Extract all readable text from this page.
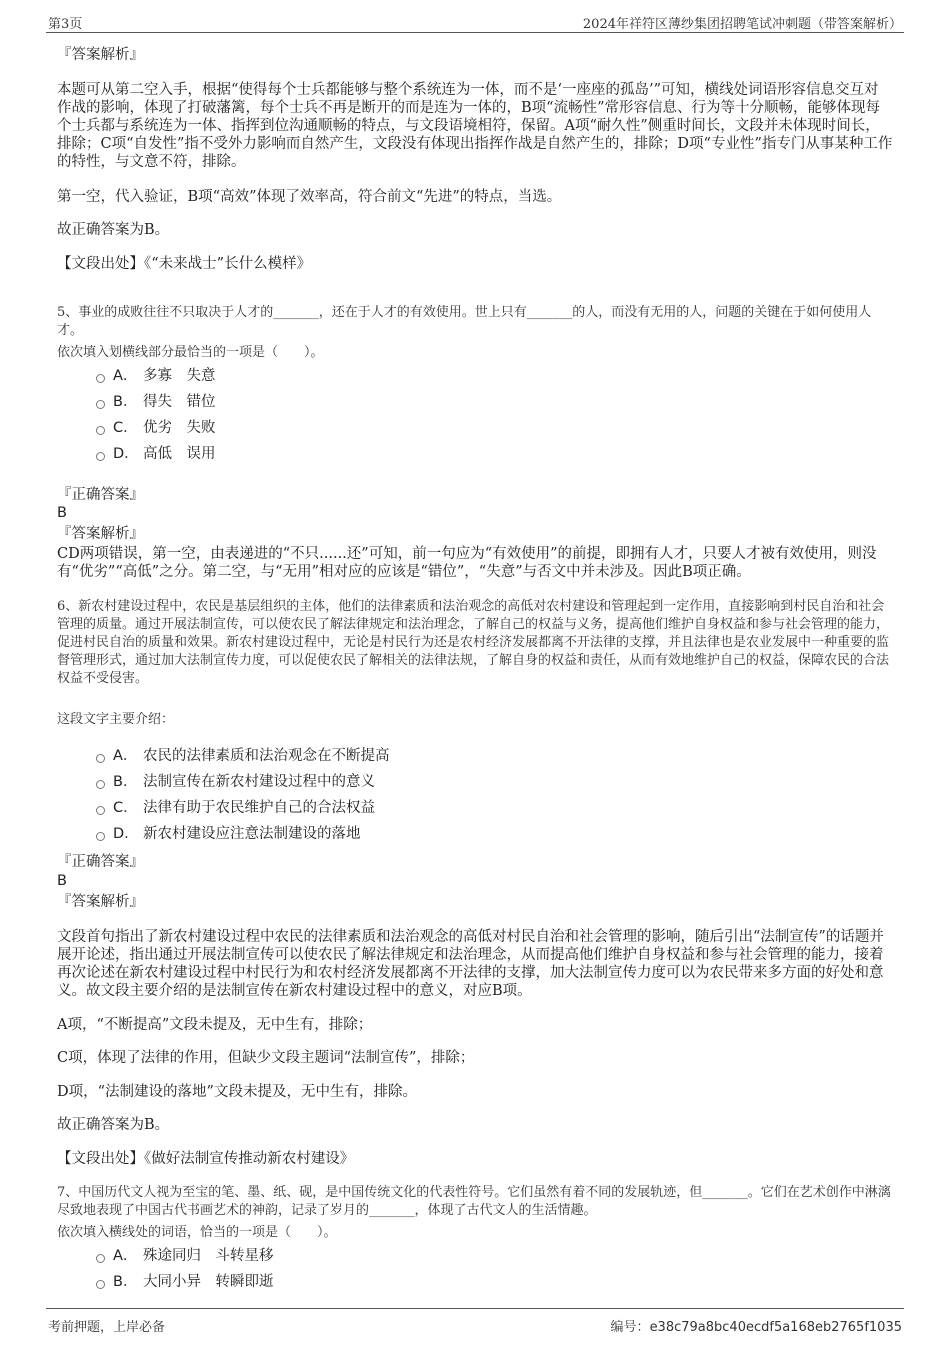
第3页	2024年祥符区薄纱集团招聘笔试冲刺题（带答案解析）
『答案解析』
本题可从第二空入手，根据“使得每个士兵都能够与整个系统连为一体，而不是‘一座座的孤岛’”可知，横线处词语形容信息交互对作战的影响，体现了打破藩篱，每个士兵不再是断开的而是连为一体的，B项“流畅性”常形容信息、行为等十分顺畅，能够体现每个士兵都与系统连为一体、指挥到位沟通顺畅的特点，与文段语境相符，保留。A项“耐久性”侧重时间长，文段并未体现时间长，排除；C项“自发性”指不受外力影响而自然产生，文段没有体现出指挥作战是自然产生的，排除；D项“专业性”指专门从事某种工作的特性，与文意不符，排除。
第一空，代入验证，B项“高效”体现了效率高，符合前文“先进”的特点，当选。
故正确答案为B。
【文段出处】《“未来战士”长什么模样》
5、事业的成败往往不只取决于人才的_______，还在于人才的有效使用。世上只有_______的人，而没有无用的人，问题的关键在于如何使用人才。
依次填入划横线部分最恰当的一项是（　　）。
A． 多寡　失意
B． 得失　错位
C． 优劣　失败
D． 高低　误用
『正确答案』
B
『答案解析』
CD两项错误，第一空，由表递进的“不只......还”可知，前一句应为“有效使用”的前提，即拥有人才，只要人才被有效使用，则没有“优劣”“高低”之分。第二空，与“无用”相对应的应该是“错位”，“失意”与否文中并未涉及。因此B项正确。
6、新农村建设过程中，农民是基层组织的主体，他们的法律素质和法治观念的高低对农村建设和管理起到一定作用，直接影响到村民自治和社会管理的质量。通过开展法制宣传，可以使农民了解法律规定和法治理念，了解自己的权益与义务，提高他们维护自身权益和参与社会管理的能力，促进村民自治的质量和效果。新农村建设过程中，无论是村民行为还是农村经济发展都离不开法律的支撑，并且法律也是农业发展中一种重要的监督管理形式，通过加大法制宣传力度，可以促使农民了解相关的法律法规，了解自身的权益和责任，从而有效地维护自己的权益，保障农民的合法权益不受侵害。
这段文字主要介绍：
A． 农民的法律素质和法治观念在不断提高
B． 法制宣传在新农村建设过程中的意义
C． 法律有助于农民维护自己的合法权益
D． 新农村建设应注意法制建设的落地
『正确答案』
B
『答案解析』
文段首句指出了新农村建设过程中农民的法律素质和法治观念的高低对村民自治和社会管理的影响，随后引出“法制宣传”的话题并展开论述，指出通过开展法制宣传可以使农民了解法律规定和法治理念，从而提高他们维护自身权益和参与社会管理的能力，接着再次论述在新农村建设过程中村民行为和农村经济发展都离不开法律的支撑，加大法制宣传力度可以为农民带来多方面的好处和意义。故文段主要介绍的是法制宣传在新农村建设过程中的意义，对应B项。
A项，“不断提高”文段未提及，无中生有，排除；
C项，体现了法律的作用，但缺少文段主题词“法制宣传”，排除；
D项，“法制建设的落地”文段未提及，无中生有，排除。
故正确答案为B。
【文段出处】《做好法制宣传推动新农村建设》
7、中国历代文人视为至宝的笔、墨、纸、砚，是中国传统文化的代表性符号。它们虽然有着不同的发展轨迹，但_______。它们在艺术创作中淋漓尽致地表现了中国古代书画艺术的神韵，记录了岁月的_______，体现了古代文人的生活情趣。
依次填入横线处的词语，恰当的一项是（　　）。
A． 殊途同归　斗转星移
B． 大同小异　转瞬即逝
考前押题，上岸必备	编号：e38c79a8bc40ecdf5a168eb2765f1035
